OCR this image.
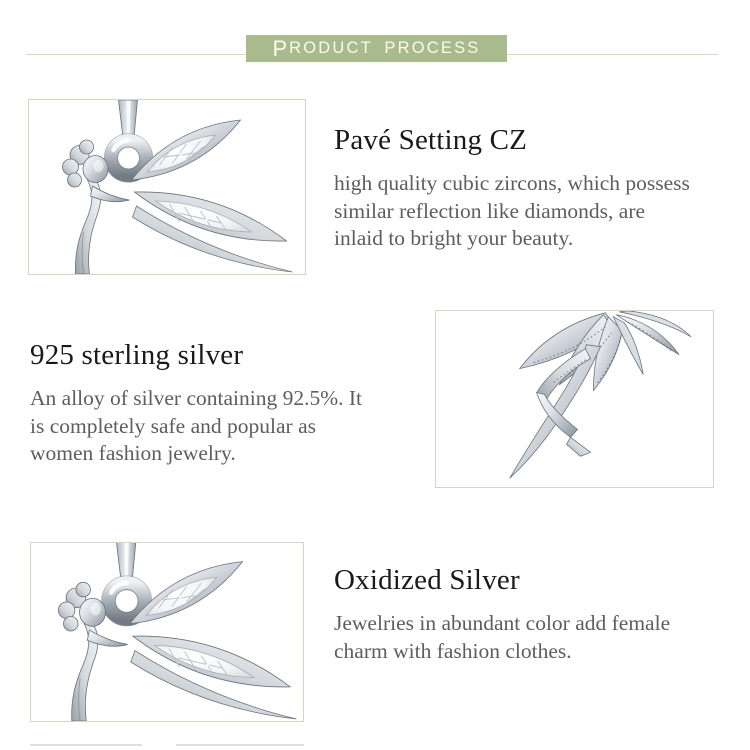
P RODUCT PROCESS
Pavé Setting CZ
high quality cubic zircons, which possess
similar reflection like diamonds, are
inlaid to bright your beauty.
925 sterling silver
An alloy of silver containing 92.5%. It
is completely safe and popular as
women fashion jewelry.
Oxidized Silver
Jewelries in abundant color add female
charm with fashion clothes.
